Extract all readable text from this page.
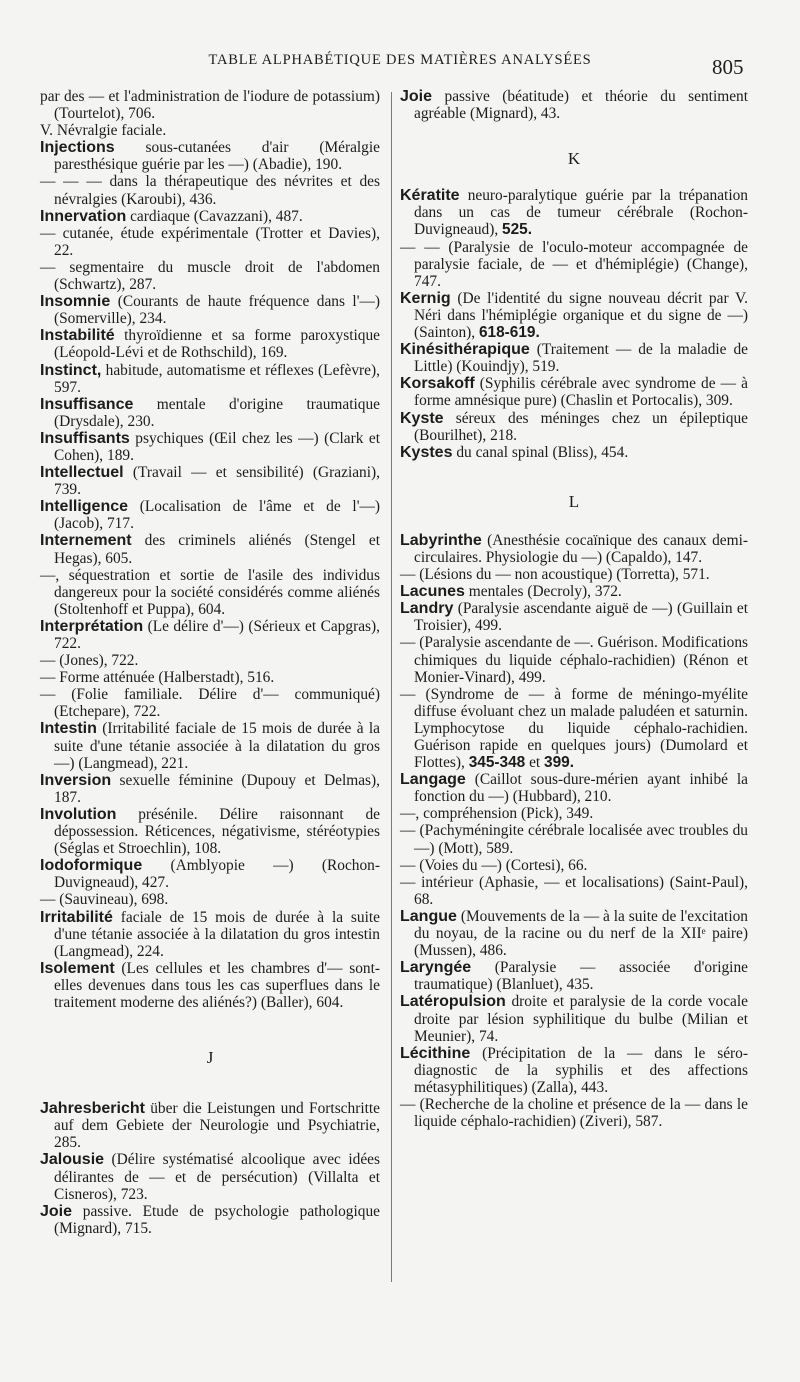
TABLE ALPHABÉTIQUE DES MATIÈRES ANALYSÉES	805

par des — et l'administration de l'iodure de potassium) (Tourtelot), 706.

V. Névralgie faciale.

Injections sous-cutanées d'air (Méralgie paresthésique guérie par les —) (Abadie), 190.

— — — dans la thérapeutique des névrites et des névralgies (Karoubi), 436.

Innervation cardiaque (Cavazzani), 487.

— cutanée, étude expérimentale (Trotter et Davies), 22.

— segmentaire du muscle droit de l'abdomen (Schwartz), 287.

Insomnie (Courants de haute fréquence dans l'—) (Somerville), 234.

Instabilité thyroïdienne et sa forme paroxystique (Léopold-Lévi et de Rothschild), 169.

Instinct, habitude, automatisme et réflexes (Lefèvre), 597.

Insuffisance mentale d'origine traumatique (Drysdale), 230.

Insuffisants psychiques (Œil chez les —) (Clark et Cohen), 189.

Intellectuel (Travail — et sensibilité) (Graziani), 739.

Intelligence (Localisation de l'âme et de l'—) (Jacob), 717.

Internement des criminels aliénés (Stengel et Hegas), 605.

—, séquestration et sortie de l'asile des individus dangereux pour la société considérés comme aliénés (Stoltenhoff et Puppa), 604.

Interprétation (Le délire d'—) (Sérieux et Capgras), 722.

— (Jones), 722.

— Forme atténuée (Halberstadt), 516.

— (Folie familiale. Délire d'— communiqué) (Etchepare), 722.

Intestin (Irritabilité faciale de 15 mois de durée à la suite d'une tétanie associée à la dilatation du gros —) (Langmead), 221.

Inversion sexuelle féminine (Dupouy et Delmas), 187.

Involution présénile. Délire raisonnant de dépossession. Réticences, négativisme, stéréotypies (Séglas et Stroechlin), 108.

Iodoformique (Amblyopie —) (Rochon-Duvigneaud), 427.

— (Sauvineau), 698.

Irritabilité faciale de 15 mois de durée à la suite d'une tétanie associée à la dilatation du gros intestin (Langmead), 224.

Isolement (Les cellules et les chambres d'— sont-elles devenues dans tous les cas superflues dans le traitement moderne des aliénés?) (Baller), 604.

J

Jahresbericht über die Leistungen und Fortschritte auf dem Gebiete der Neurologie und Psychiatrie, 285.

Jalousie (Délire systématisé alcoolique avec idées délirantes de — et de persécution) (Villalta et Cisneros), 723.

Joie passive. Etude de psychologie pathologique (Mignard), 715.

Joie passive (béatitude) et théorie du sentiment agréable (Mignard), 43.

K

Kératite neuro-paralytique guérie par la trépanation dans un cas de tumeur cérébrale (Rochon-Duvigneaud), 525.

— — (Paralysie de l'oculo-moteur accompagnée de paralysie faciale, de — et d'hémiplégie) (Change), 747.

Kernig (De l'identité du signe nouveau décrit par V. Néri dans l'hémiplégie organique et du signe de —) (Sainton), 618-619.

Kinésithérapique (Traitement — de la maladie de Little) (Kouindjy), 519.

Korsakoff (Syphilis cérébrale avec syndrome de — à forme amnésique pure) (Chaslin et Portocalis), 309.

Kyste séreux des méninges chez un épileptique (Bourilhet), 218.

Kystes du canal spinal (Bliss), 454.

L

Labyrinthe (Anesthésie cocaïnique des canaux demi-circulaires. Physiologie du —) (Capaldo), 147.

— (Lésions du — non acoustique) (Torretta), 571.

Lacunes mentales (Decroly), 372.

Landry (Paralysie ascendante aiguë de —) (Guillain et Troisier), 499.

— (Paralysie ascendante de —. Guérison. Modifications chimiques du liquide céphalo-rachidien) (Rénon et Monier-Vinard), 499.

— (Syndrome de — à forme de méningo-myélite diffuse évoluant chez un malade paludéen et saturnin. Lymphocytose du liquide céphalo-rachidien. Guérison rapide en quelques jours) (Dumolard et Flottes), 345-348 et 399.

Langage (Caillot sous-dure-mérien ayant inhibé la fonction du —) (Hubbard), 210.

—, compréhension (Pick), 349.

— (Pachyméningite cérébrale localisée avec troubles du —) (Mott), 589.

— (Voies du —) (Cortesi), 66.

— intérieur (Aphasie, — et localisations) (Saint-Paul), 68.

Langue (Mouvements de la — à la suite de l'excitation du noyau, de la racine ou du nerf de la XIIᵉ paire) (Mussen), 486.

Laryngée (Paralysie — associée d'origine traumatique) (Blanluet), 435.

Latéropulsion droite et paralysie de la corde vocale droite par lésion syphilitique du bulbe (Milian et Meunier), 74.

Lécithine (Précipitation de la — dans le séro-diagnostic de la syphilis et des affections métasyphilitiques) (Zalla), 443.

— (Recherche de la choline et présence de la — dans le liquide céphalo-rachidien) (Ziveri), 587.
